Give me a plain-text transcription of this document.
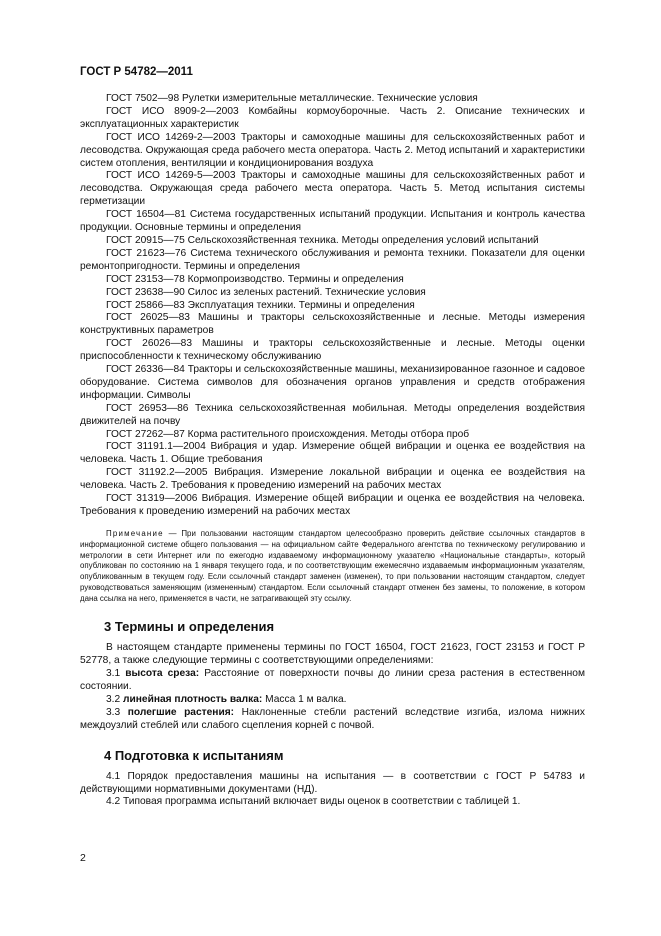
ГОСТ Р 54782—2011

ГОСТ 7502—98 Рулетки измерительные металлические. Технические условия

ГОСТ ИСО 8909-2—2003 Комбайны кормоуборочные. Часть 2. Описание технических и эксплуатационных характеристик

ГОСТ ИСО 14269-2—2003 Тракторы и самоходные машины для сельскохозяйственных работ и лесоводства. Окружающая среда рабочего места оператора. Часть 2. Метод испытаний и характеристики систем отопления, вентиляции и кондиционирования воздуха

ГОСТ ИСО 14269-5—2003 Тракторы и самоходные машины для сельскохозяйственных работ и лесоводства. Окружающая среда рабочего места оператора. Часть 5. Метод испытания системы герметизации

ГОСТ 16504—81 Система государственных испытаний продукции. Испытания и контроль качества продукции. Основные термины и определения

ГОСТ 20915—75 Сельскохозяйственная техника. Методы определения условий испытаний

ГОСТ 21623—76 Система технического обслуживания и ремонта техники. Показатели для оценки ремонтопригодности. Термины и определения

ГОСТ 23153—78 Кормопроизводство. Термины и определения

ГОСТ 23638—90 Силос из зеленых растений. Технические условия

ГОСТ 25866—83 Эксплуатация техники. Термины и определения

ГОСТ 26025—83 Машины и тракторы сельскохозяйственные и лесные. Методы измерения конструктивных параметров

ГОСТ 26026—83 Машины и тракторы сельскохозяйственные и лесные. Методы оценки приспособленности к техническому обслуживанию

ГОСТ 26336—84 Тракторы и сельскохозяйственные машины, механизированное газонное и садовое оборудование. Система символов для обозначения органов управления и средств отображения информации. Символы

ГОСТ 26953—86 Техника сельскохозяйственная мобильная. Методы определения воздействия движителей на почву

ГОСТ 27262—87 Корма растительного происхождения. Методы отбора проб

ГОСТ 31191.1—2004 Вибрация и удар. Измерение общей вибрации и оценка ее воздействия на человека. Часть 1. Общие требования

ГОСТ 31192.2—2005 Вибрация. Измерение локальной вибрации и оценка ее воздействия на человека. Часть 2. Требования к проведению измерений на рабочих местах

ГОСТ 31319—2006 Вибрация. Измерение общей вибрации и оценка ее воздействия на человека. Требования к проведению измерений на рабочих местах

Примечание — При пользовании настоящим стандартом целесообразно проверить действие ссылочных стандартов в информационной системе общего пользования — на официальном сайте Федерального агентства по техническому регулированию и метрологии в сети Интернет или по ежегодно издаваемому информационному указателю «Национальные стандарты», который опубликован по состоянию на 1 января текущего года, и по соответствующим ежемесячно издаваемым информационным указателям, опубликованным в текущем году. Если ссылочный стандарт заменен (изменен), то при пользовании настоящим стандартом, следует руководствоваться заменяющим (измененным) стандартом. Если ссылочный стандарт отменен без замены, то положение, в котором дана ссылка на него, применяется в части, не затрагивающей эту ссылку.

3 Термины и определения

В настоящем стандарте применены термины по ГОСТ 16504, ГОСТ 21623, ГОСТ 23153 и ГОСТ Р 52778, а также следующие термины с соответствующими определениями:

3.1 высота среза: Расстояние от поверхности почвы до линии среза растения в естественном состоянии.

3.2 линейная плотность валка: Масса 1 м валка.

3.3 полегшие растения: Наклоненные стебли растений вследствие изгиба, излома нижних междоузлий стеблей или слабого сцепления корней с почвой.

4 Подготовка к испытаниям

4.1 Порядок предоставления машины на испытания — в соответствии с ГОСТ Р 54783 и действующими нормативными документами (НД).

4.2 Типовая программа испытаний включает виды оценок в соответствии с таблицей 1.

2
